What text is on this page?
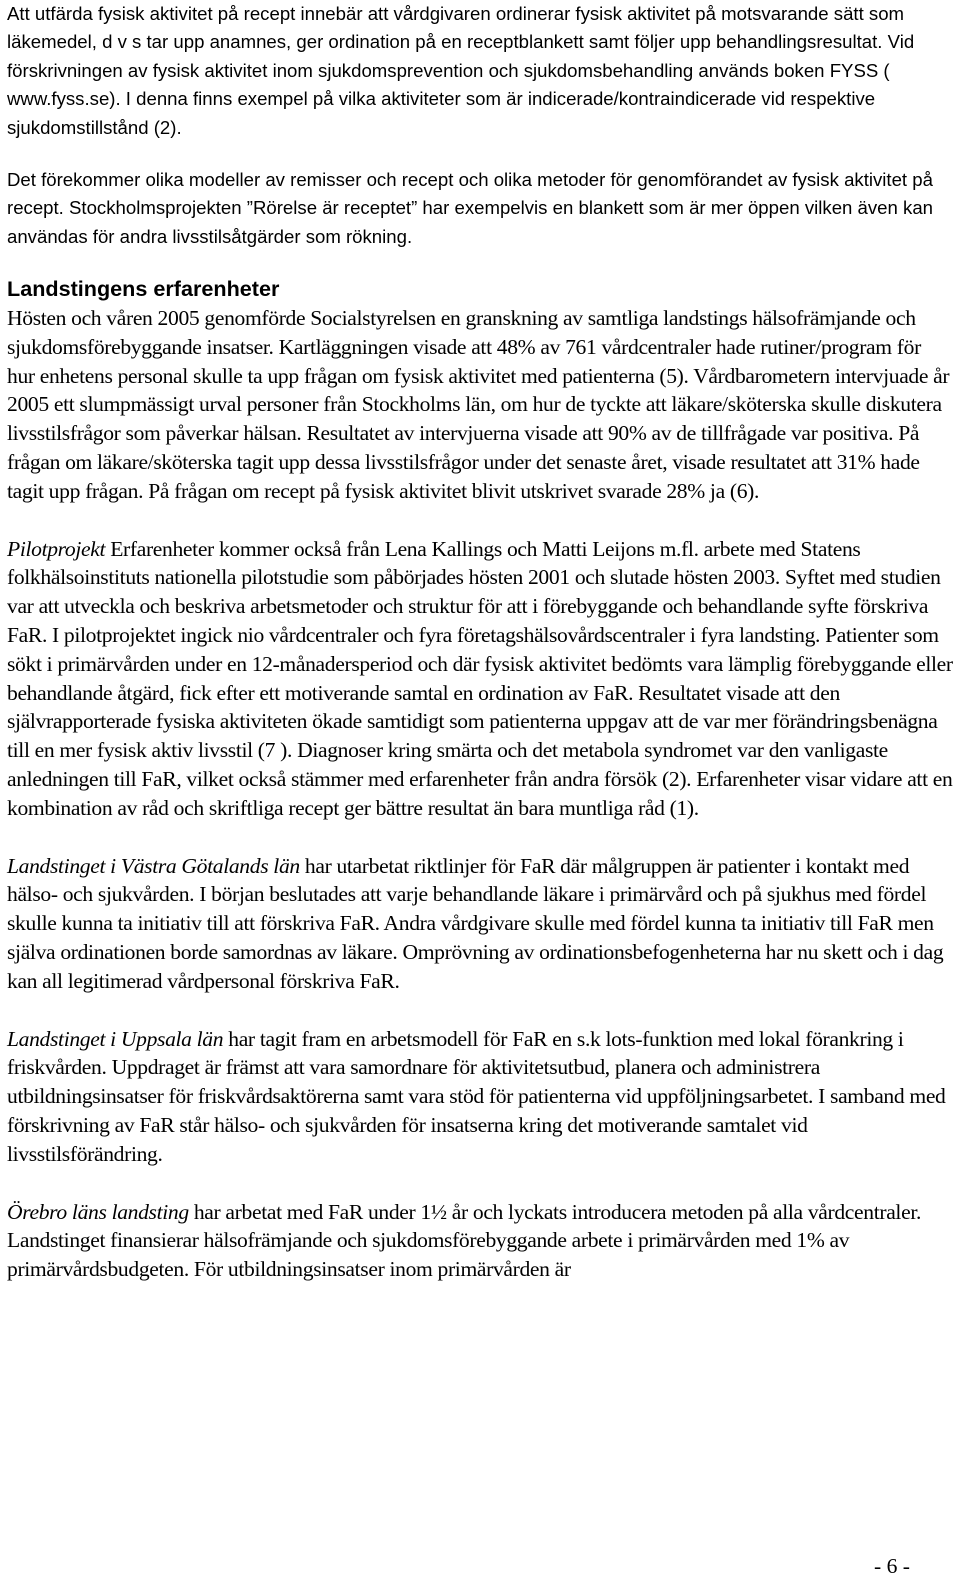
Att utfärda fysisk aktivitet på recept innebär att vårdgivaren ordinerar fysisk aktivitet på motsvarande sätt som läkemedel, d v s tar upp anamnes, ger ordination på en receptblankett samt följer upp behandlingsresultat. Vid förskrivningen av fysisk aktivitet inom sjukdomsprevention och sjukdomsbehandling används boken FYSS ( www.fyss.se). I denna finns exempel på vilka aktiviteter som är indicerade/kontraindicerade vid respektive sjukdomstillstånd (2).

Det förekommer olika modeller av remisser och recept och olika metoder för genomförandet av fysisk aktivitet på recept. Stockholmsprojekten ”Rörelse är receptet” har exempelvis en blankett som är mer öppen vilken även kan användas för andra livsstilsåtgärder som rökning.

Landstingens erfarenheter

Hösten och våren 2005 genomförde Socialstyrelsen en granskning av samtliga landstings hälsofrämjande och sjukdomsförebyggande insatser. Kartläggningen visade att 48% av 761 vårdcentraler hade rutiner/program för hur enhetens personal skulle ta upp frågan om fysisk aktivitet med patienterna (5). Vårdbarometern intervjuade år 2005 ett slumpmässigt urval personer från Stockholms län, om hur de tyckte att läkare/sköterska skulle diskutera livsstilsfrågor som påverkar hälsan. Resultatet av intervjuerna visade att 90% av de tillfrågade var positiva. På frågan om läkare/sköterska tagit upp dessa livsstilsfrågor under det senaste året, visade resultatet att 31% hade tagit upp frågan. På frågan om recept på fysisk aktivitet blivit utskrivet svarade 28% ja (6).

Pilotprojekt Erfarenheter kommer också från Lena Kallings och Matti Leijons m.fl. arbete med Statens folkhälsoinstituts nationella pilotstudie som påbörjades hösten 2001 och slutade hösten 2003. Syftet med studien var att utveckla och beskriva arbetsmetoder och struktur för att i förebyggande och behandlande syfte förskriva FaR. I pilotprojektet ingick nio vårdcentraler och fyra företagshälsovårdscentraler i fyra landsting. Patienter som sökt i primärvården under en 12-månadersperiod och där fysisk aktivitet bedömts vara lämplig förebyggande eller behandlande åtgärd, fick efter ett motiverande samtal en ordination av FaR. Resultatet visade att den självrapporterade fysiska aktiviteten ökade samtidigt som patienterna uppgav att de var mer förändringsbenägna till en mer fysisk aktiv livsstil (7 ). Diagnoser kring smärta och det metabola syndromet var den vanligaste anledningen till FaR, vilket också stämmer med erfarenheter från andra försök (2). Erfarenheter visar vidare att en kombination av råd och skriftliga recept ger bättre resultat än bara muntliga råd (1).

Landstinget i Västra Götalands län har utarbetat riktlinjer för FaR där målgruppen är patienter i kontakt med hälso- och sjukvården. I början beslutades att varje behandlande läkare i primärvård och på sjukhus med fördel skulle kunna ta initiativ till att förskriva FaR. Andra vårdgivare skulle med fördel kunna ta initiativ till FaR men själva ordinationen borde samordnas av läkare. Omprövning av ordinationsbefogenheterna har nu skett och i dag kan all legitimerad vårdpersonal förskriva FaR.

Landstinget i Uppsala län har tagit fram en arbetsmodell för FaR en s.k lots-funktion med lokal förankring i friskvården. Uppdraget är främst att vara samordnare för aktivitetsutbud, planera och administrera utbildningsinsatser för friskvårdsaktörerna samt vara stöd för patienterna vid uppföljningsarbetet. I samband med förskrivning av FaR står hälso- och sjukvården för insatserna kring det motiverande samtalet vid livsstilsförändring.

Örebro läns landsting har arbetat med FaR under 1½ år och lyckats introducera metoden på alla vårdcentraler. Landstinget finansierar hälsofrämjande och sjukdomsförebyggande arbete i primärvården med 1% av primärvårdsbudgeten. För utbildningsinsatser inom primärvården är

- 6 -
